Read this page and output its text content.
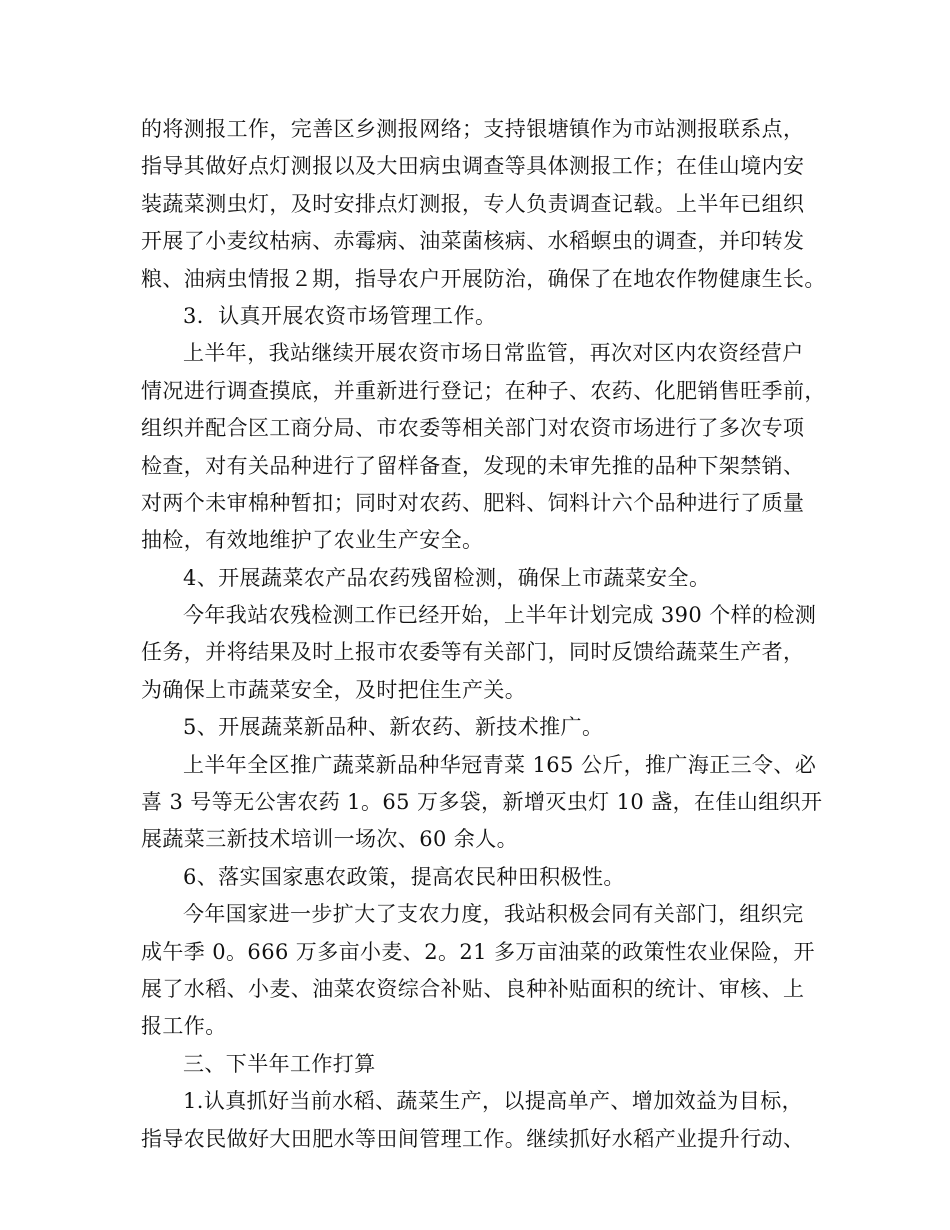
的将测报工作，完善区乡测报网络；支持银塘镇作为市站测报联系点，
指导其做好点灯测报以及大田病虫调查等具体测报工作；在佳山境内安
装蔬菜测虫灯，及时安排点灯测报，专人负责调查记载。上半年已组织
开展了小麦纹枯病、赤霉病、油菜菌核病、水稻螟虫的调查，并印转发
粮、油病虫情报２期，指导农户开展防治，确保了在地农作物健康生长。
3．认真开展农资市场管理工作。
上半年，我站继续开展农资市场日常监管，再次对区内农资经营户
情况进行调查摸底，并重新进行登记；在种子、农药、化肥销售旺季前，
组织并配合区工商分局、市农委等相关部门对农资市场进行了多次专项
检查，对有关品种进行了留样备查，发现的未审先推的品种下架禁销、
对两个未审棉种暂扣；同时对农药、肥料、饲料计六个品种进行了质量
抽检，有效地维护了农业生产安全。
4、开展蔬菜农产品农药残留检测，确保上市蔬菜安全。
今年我站农残检测工作已经开始，上半年计划完成 390 个样的检测
任务，并将结果及时上报市农委等有关部门，同时反馈给蔬菜生产者，
为确保上市蔬菜安全，及时把住生产关。
5、开展蔬菜新品种、新农药、新技术推广。
上半年全区推广蔬菜新品种华冠青菜 165 公斤，推广海正三令、必
喜 3 号等无公害农药 1。65 万多袋，新增灭虫灯 10 盏，在佳山组织开
展蔬菜三新技术培训一场次、60 余人。
6、落实国家惠农政策，提高农民种田积极性。
今年国家进一步扩大了支农力度，我站积极会同有关部门，组织完
成午季 0。666 万多亩小麦、2。21 多万亩油菜的政策性农业保险，开
展了水稻、小麦、油菜农资综合补贴、良种补贴面积的统计、审核、上
报工作。
三、下半年工作打算
1.认真抓好当前水稻、蔬菜生产，以提高单产、增加效益为目标，
指导农民做好大田肥水等田间管理工作。继续抓好水稻产业提升行动、
